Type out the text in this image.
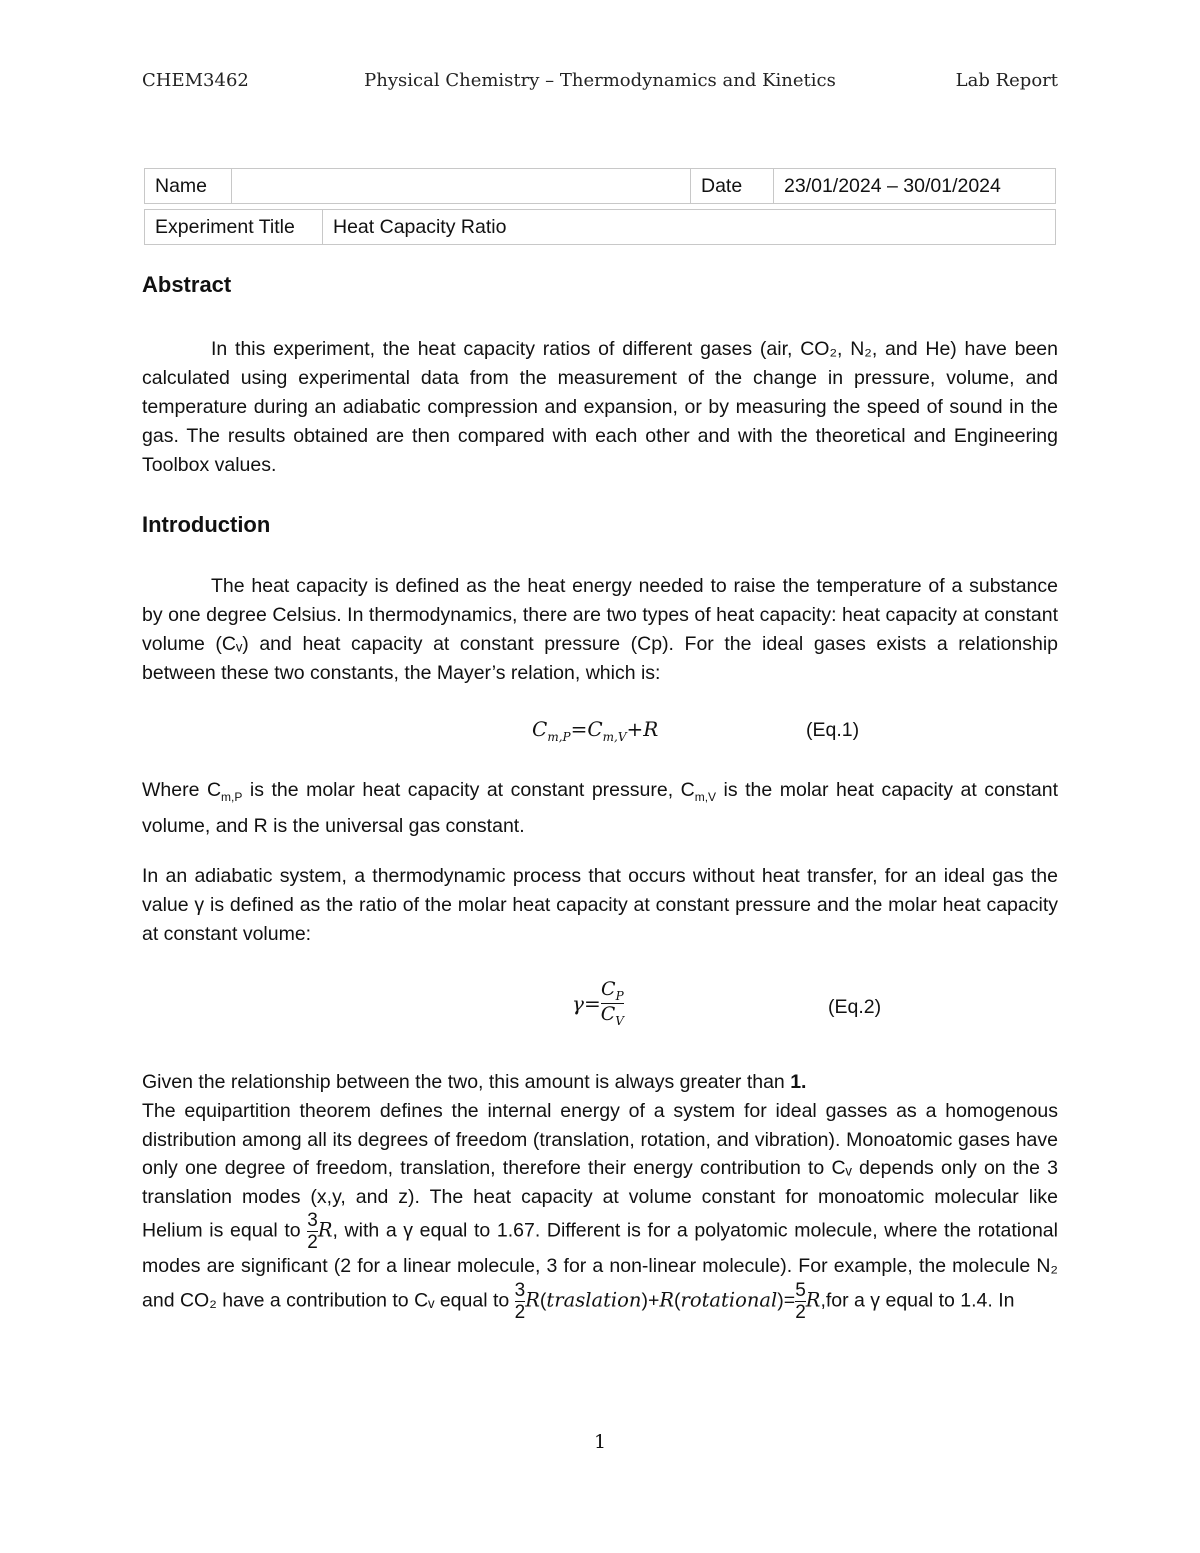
CHEM3462	Physical Chemistry – Thermodynamics and Kinetics	Lab Report
Name		Date	23/01/2024 – 30/01/2024
Experiment Title	Heat Capacity Ratio
Abstract
In this experiment, the heat capacity ratios of different gases (air, CO₂, N₂, and He) have been calculated using experimental data from the measurement of the change in pressure, volume, and temperature during an adiabatic compression and expansion, or by measuring the speed of sound in the gas. The results obtained are then compared with each other and with the theoretical and Engineering Toolbox values.
Introduction
The heat capacity is defined as the heat energy needed to raise the temperature of a substance by one degree Celsius. In thermodynamics, there are two types of heat capacity: heat capacity at constant volume (Cᵥ) and heat capacity at constant pressure (Cp). For the ideal gases exists a relationship between these two constants, the Mayer’s relation, which is:
$C_{m,P}=C_{m,V}+R$	(Eq.1)
Where $C_{m,P}$ is the molar heat capacity at constant pressure, $C_{m,V}$ is the molar heat capacity at constant volume, and R is the universal gas constant.
In an adiabatic system, a thermodynamic process that occurs without heat transfer, for an ideal gas the value γ is defined as the ratio of the molar heat capacity at constant pressure and the molar heat capacity at constant volume:
$\gamma= \frac{C_P}{C_V}$	(Eq.2)
Given the relationship between the two, this amount is always greater than 1.
The equipartition theorem defines the internal energy of a system for ideal gasses as a homogenous distribution among all its degrees of freedom (translation, rotation, and vibration). Monoatomic gases have only one degree of freedom, translation, therefore their energy contribution to Cᵥ depends only on the 3 translation modes (x,y, and z). The heat capacity at volume constant for monoatomic molecular like Helium is equal to $\frac{3}{2} R$, with a γ equal to 1.67. Different is for a polyatomic molecule, where the rotational modes are significant (2 for a linear molecule, 3 for a non-linear molecule). For example, the molecule N₂ and CO₂ have a contribution to Cᵥ equal to $\frac{3}{2}$ R(traslation)+R(rotational)= $\frac{5}{2} R,for$ a γ equal to 1.4. In
1
